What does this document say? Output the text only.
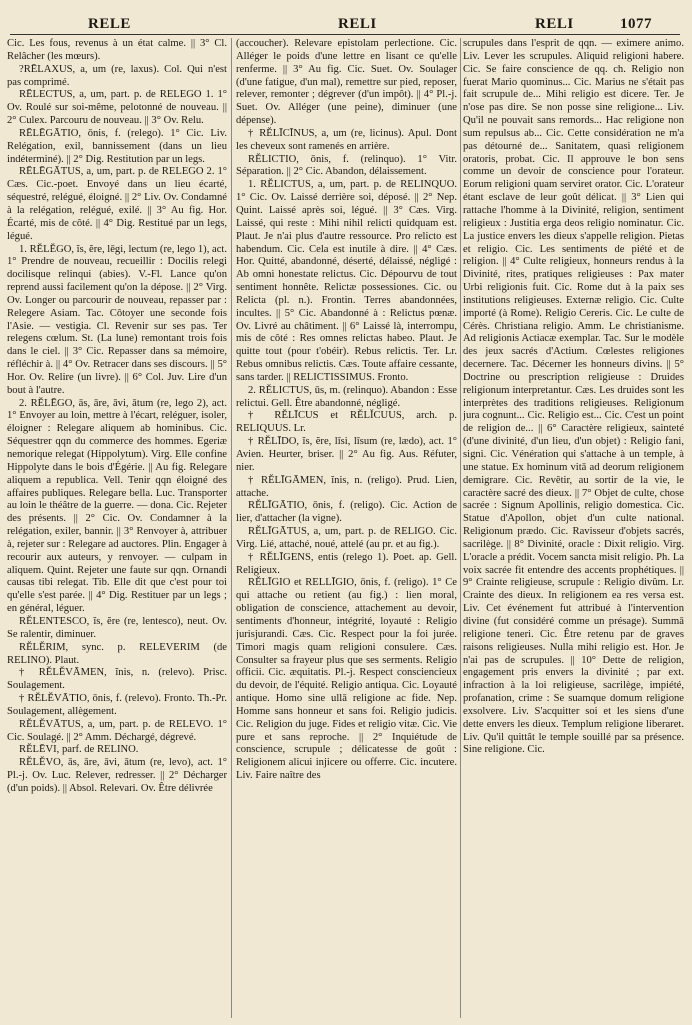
RELE	RELI	RELI	1077

Cic. Les fous, revenus à un état calme. || 3° Cl. Relâcher (les mœurs).

?RĒLAXUS, a, um (re, laxus). Col. Qui n'est pas comprimé.

RĒLECTUS, a, um, part. p. de RELEGO 1. 1° Ov. Roulé sur soi-même, pelotonné de nouveau. || 2° Culex. Parcouru de nouveau. || 3° Ov. Relu.

RĒLĒGĀTIO, ōnis, f. (relego). 1° Cic. Liv. Relégation, exil, bannissement (dans un lieu indéterminé). || 2° Dig. Restitution par un legs.

RĒLĒGĀTUS, a, um, part. p. de RELEGO 2. 1° Cæs. Cic.-poet. Envoyé dans un lieu écarté, séquestré, relégué, éloigné. || 2° Liv. Ov. Condamné à la relégation, relégué, exilé. || 3° Au fig. Hor. Écarté, mis de côté. || 4° Dig. Restitué par un legs, légué.

1. RĔLĔGO, ĭs, ĕre, lēgi, lectum (re, lego 1), act. 1° Prendre de nouveau, recueillir : Docilis relegi docilisque relinqui (abies). V.-Fl. Lance qu'on reprend aussi facilement qu'on la dépose. || 2° Virg. Ov. Longer ou parcourir de nouveau, repasser par : Relegere Asiam. Tac. Côtoyer une seconde fois l'Asie. — vestigia. Cl. Revenir sur ses pas. Ter relegens cœlum. St. (La lune) remontant trois fois dans le ciel. || 3° Cic. Repasser dans sa mémoire, réfléchir à. || 4° Ov. Retracer dans ses discours. || 5° Hor. Ov. Relire (un livre). || 6° Col. Juv. Lire d'un bout à l'autre.

2. RĔLĒGO, ās, āre, āvi, ātum (re, lego 2), act. 1° Envoyer au loin, mettre à l'écart, reléguer, isoler, éloigner : Relegare aliquem ab hominibus. Cic. Séquestrer qqn du commerce des hommes. Egeriæ nemorique relegat (Hippolytum). Virg. Elle confine Hippolyte dans le bois d'Égérie. || Au fig. Relegare aliquem a republica. Vell. Tenir qqn éloigné des affaires publiques. Relegare bella. Luc. Transporter au loin le théâtre de la guerre. — dona. Cic. Rejeter des présents. || 2° Cic. Ov. Condamner à la relégation, exiler, bannir. || 3° Renvoyer à, attribuer à, rejeter sur : Relegare ad auctores. Plin. Engager à recourir aux auteurs, y renvoyer. — culpam in aliquem. Quint. Rejeter une faute sur qqn. Ornandi causas tibi relegat. Tib. Elle dit que c'est pour toi qu'elle s'est parée. || 4° Dig. Restituer par un legs ; en général, léguer.

RĔLENTESCO, ĭs, ĕre (re, lentesco), neut. Ov. Se ralentir, diminuer.

RĔLĔRIM, sync. p. RELEVERIM (de RELINO). Plaut.

† RĔLĔVĀMEN, ĭnis, n. (relevo). Prisc. Soulagement.

† RĔLĔVĀTIO, ōnis, f. (relevo). Fronto. Th.-Pr. Soulagement, allègement.

RĔLĔVĀTUS, a, um, part. p. de RELEVO. 1° Cic. Soulagé. || 2° Amm. Déchargé, dégrevé.

RĔLĒVI, parf. de RELINO.

RĔLĔVO, ās, āre, āvi, ātum (re, levo), act. 1° Pl.-j. Ov. Luc. Relever, redresser. || 2° Décharger (d'un poids). || Absol. Relevari. Ov. Être délivrée

(accoucher). Relevare epistolam perlectione. Cic. Alléger le poids d'une lettre en lisant ce qu'elle renferme. || 3° Au fig. Cic. Suet. Ov. Soulager (d'une fatigue, d'un mal), remettre sur pied, reposer, relever, remonter ; dégrever (d'un impôt). || 4° Pl.-j. Suet. Ov. Alléger (une peine), diminuer (une dépense).

† RĔLĪCĪNUS, a, um (re, licinus). Apul. Dont les cheveux sont ramenés en arrière.

RĔLICTIO, ōnis, f. (relinquo). 1° Vitr. Séparation. || 2° Cic. Abandon, délaissement.

1. RĔLICTUS, a, um, part. p. de RELINQUO. 1° Cic. Ov. Laissé derrière soi, déposé. || 2° Nep. Quint. Laissé après soi, légué. || 3° Cæs. Virg. Laissé, qui reste : Mihi nihil relicti quidquam est. Plaut. Je n'ai plus d'autre ressource. Pro relicto est habendum. Cic. Cela est inutile à dire. || 4° Cæs. Hor. Quitté, abandonné, déserté, délaissé, négligé : Ab omni honestate relictus. Cic. Dépourvu de tout sentiment honnête. Relictæ possessiones. Cic. ou Relicta (pl. n.). Frontin. Terres abandonnées, incultes. || 5° Cic. Abandonné à : Relictus pœnæ. Ov. Livré au châtiment. || 6° Laissé là, interrompu, mis de côté : Res omnes relictas habeo. Plaut. Je quitte tout (pour t'obéir). Rebus relictis. Ter. Lr. Rebus omnibus relictis. Cæs. Toute affaire cessante, sans tarder. || RELICTISSIMUS. Fronto.

2. RĔLICTUS, ūs, m. (relinquo). Abandon : Esse relictui. Gell. Être abandonné, négligé.

† RĔLĪCUS et RĔLĬCUUS, arch. p. RELIQUUS. Lr.

† RĔLĪDO, ĭs, ĕre, līsi, līsum (re, lædo), act. 1° Avien. Heurter, briser. || 2° Au fig. Aus. Réfuter, nier.

† RĔLĪGĀMEN, ĭnis, n. (religo). Prud. Lien, attache.

RĔLĪGĀTIO, ōnis, f. (religo). Cic. Action de lier, d'attacher (la vigne).

RĔLĪGĀTUS, a, um, part. p. de RELIGO. Cic. Virg. Lié, attaché, noué, attelé (au pr. et au fig.).

† RĔLĪGENS, entis (relego 1). Poet. ap. Gell. Religieux.

RĔLĪGIO et RELLĪGIO, ōnis, f. (religo). 1° Ce qui attache ou retient (au fig.) : lien moral, obligation de conscience, attachement au devoir, sentiments d'honneur, intégrité, loyauté : Religio jurisjurandi. Cæs. Cic. Respect pour la foi jurée. Timori magis quam religioni consulere. Cæs. Consulter sa frayeur plus que ses serments. Religio officii. Cic. æquitatis. Pl.-j. Respect consciencieux du devoir, de l'équité. Religio antiqua. Cic. Loyauté antique. Homo sine ullā religione ac fide. Nep. Homme sans honneur et sans foi. Religio judicis. Cic. Religion du juge. Fides et religio vitæ. Cic. Vie pure et sans reproche. || 2° Inquiétude de conscience, scrupule ; délicatesse de goût : Religionem alicui injicere ou offerre. Cic. incutere. Liv. Faire naître des

scrupules dans l'esprit de qqn. — eximere animo. Liv. Lever les scrupules. Aliquid religioni habere. Cic. Se faire conscience de qq. ch. Religio non fuerat Mario quominus... Cic. Marius ne s'était pas fait scrupule de... Mihi religio est dicere. Ter. Je n'ose pas dire. Se non posse sine religione... Liv. Qu'il ne pouvait sans remords... Hac religione non sum repulsus ab... Cic. Cette considération ne m'a pas détourné de... Sanitatem, quasi religionem oratoris, probat. Cic. Il approuve le bon sens comme un devoir de conscience pour l'orateur. Eorum religioni quam serviret orator. Cic. L'orateur étant esclave de leur goût délicat. || 3° Lien qui rattache l'homme à la Divinité, religion, sentiment religieux : Justitia erga deos religio nominatur. Cic. La justice envers les dieux s'appelle religion. Pietas et religio. Cic. Les sentiments de piété et de religion. || 4° Culte religieux, honneurs rendus à la Divinité, rites, pratiques religieuses : Pax mater Urbi religionis fuit. Cic. Rome dut à la paix ses institutions religieuses. Externæ religio. Cic. Culte importé (à Rome). Religio Cereris. Cic. Le culte de Cérès. Christiana religio. Amm. Le christianisme. Ad religionis Actiacæ exemplar. Tac. Sur le modèle des jeux sacrés d'Actium. Cœlestes religiones decernere. Tac. Décerner les honneurs divins. || 5° Doctrine ou prescription religieuse : Druides religionum interpretantur. Cæs. Les druides sont les interprètes des traditions religieuses. Religionum jura cognunt... Cic. Religio est... Cic. C'est un point de religion de... || 6° Caractère religieux, sainteté (d'une divinité, d'un lieu, d'un objet) : Religio fani, signi. Cic. Vénération qui s'attache à un temple, à une statue. Ex hominum vitā ad deorum religionem demigrare. Cic. Revêtir, au sortir de la vie, le caractère sacré des dieux. || 7° Objet de culte, chose sacrée : Signum Apollinis, religio domestica. Cic. Statue d'Apollon, objet d'un culte national. Religionum prædo. Cic. Ravisseur d'objets sacrés, sacrilège. || 8° Divinité, oracle : Dixit religio. Virg. L'oracle a prédit. Vocem sancta misit religio. Ph. La voix sacrée fit entendre des accents prophétiques. || 9° Crainte religieuse, scrupule : Religio divûm. Lr. Crainte des dieux. In religionem ea res versa est. Liv. Cet événement fut attribué à l'intervention divine (fut considéré comme un présage). Summā religione teneri. Cic. Être retenu par de graves raisons religieuses. Nulla mihi religio est. Hor. Je n'ai pas de scrupules. || 10° Dette de religion, engagement pris envers la divinité ; par ext. infraction à la loi religieuse, sacrilège, impiété, profanation, crime : Se suamque domum religione exsolvere. Liv. S'acquitter soi et les siens d'une dette envers les dieux. Templum religione liberaret. Liv. Qu'il quittât le temple souillé par sa présence. Sine religione. Cic.
